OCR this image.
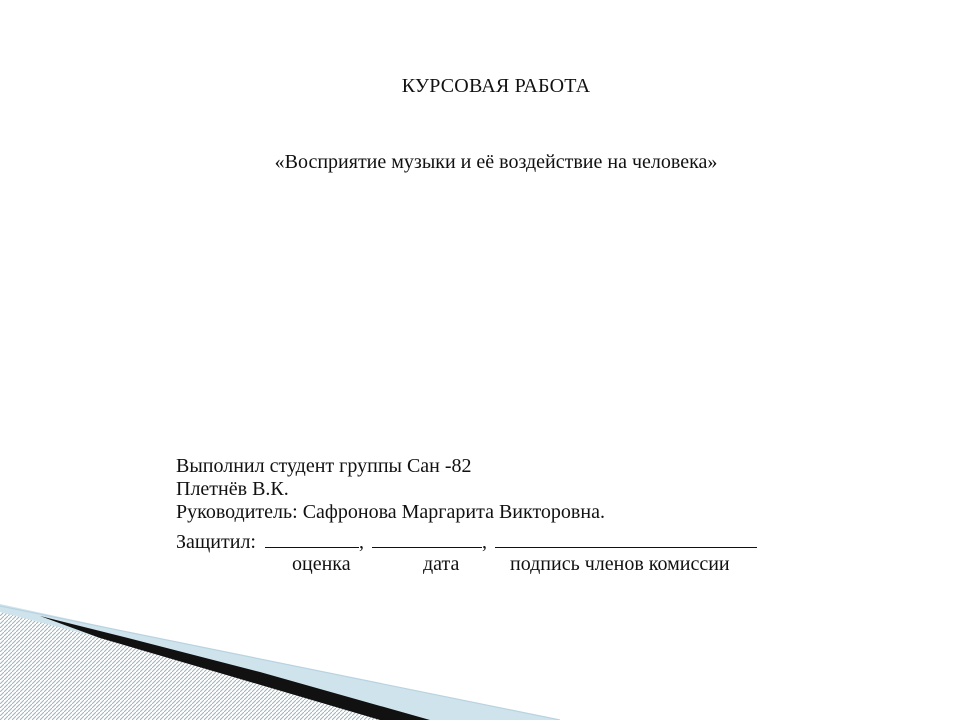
КУРСОВАЯ РАБОТА
«Восприятие музыки и её воздействие на человека»
Выполнил студент группы Сан -82
Плетнёв В.К.
Руководитель: Сафронова Маргарита Викторовна.
Защитил:	,	,
оценка	дата	подпись членов комиссии
